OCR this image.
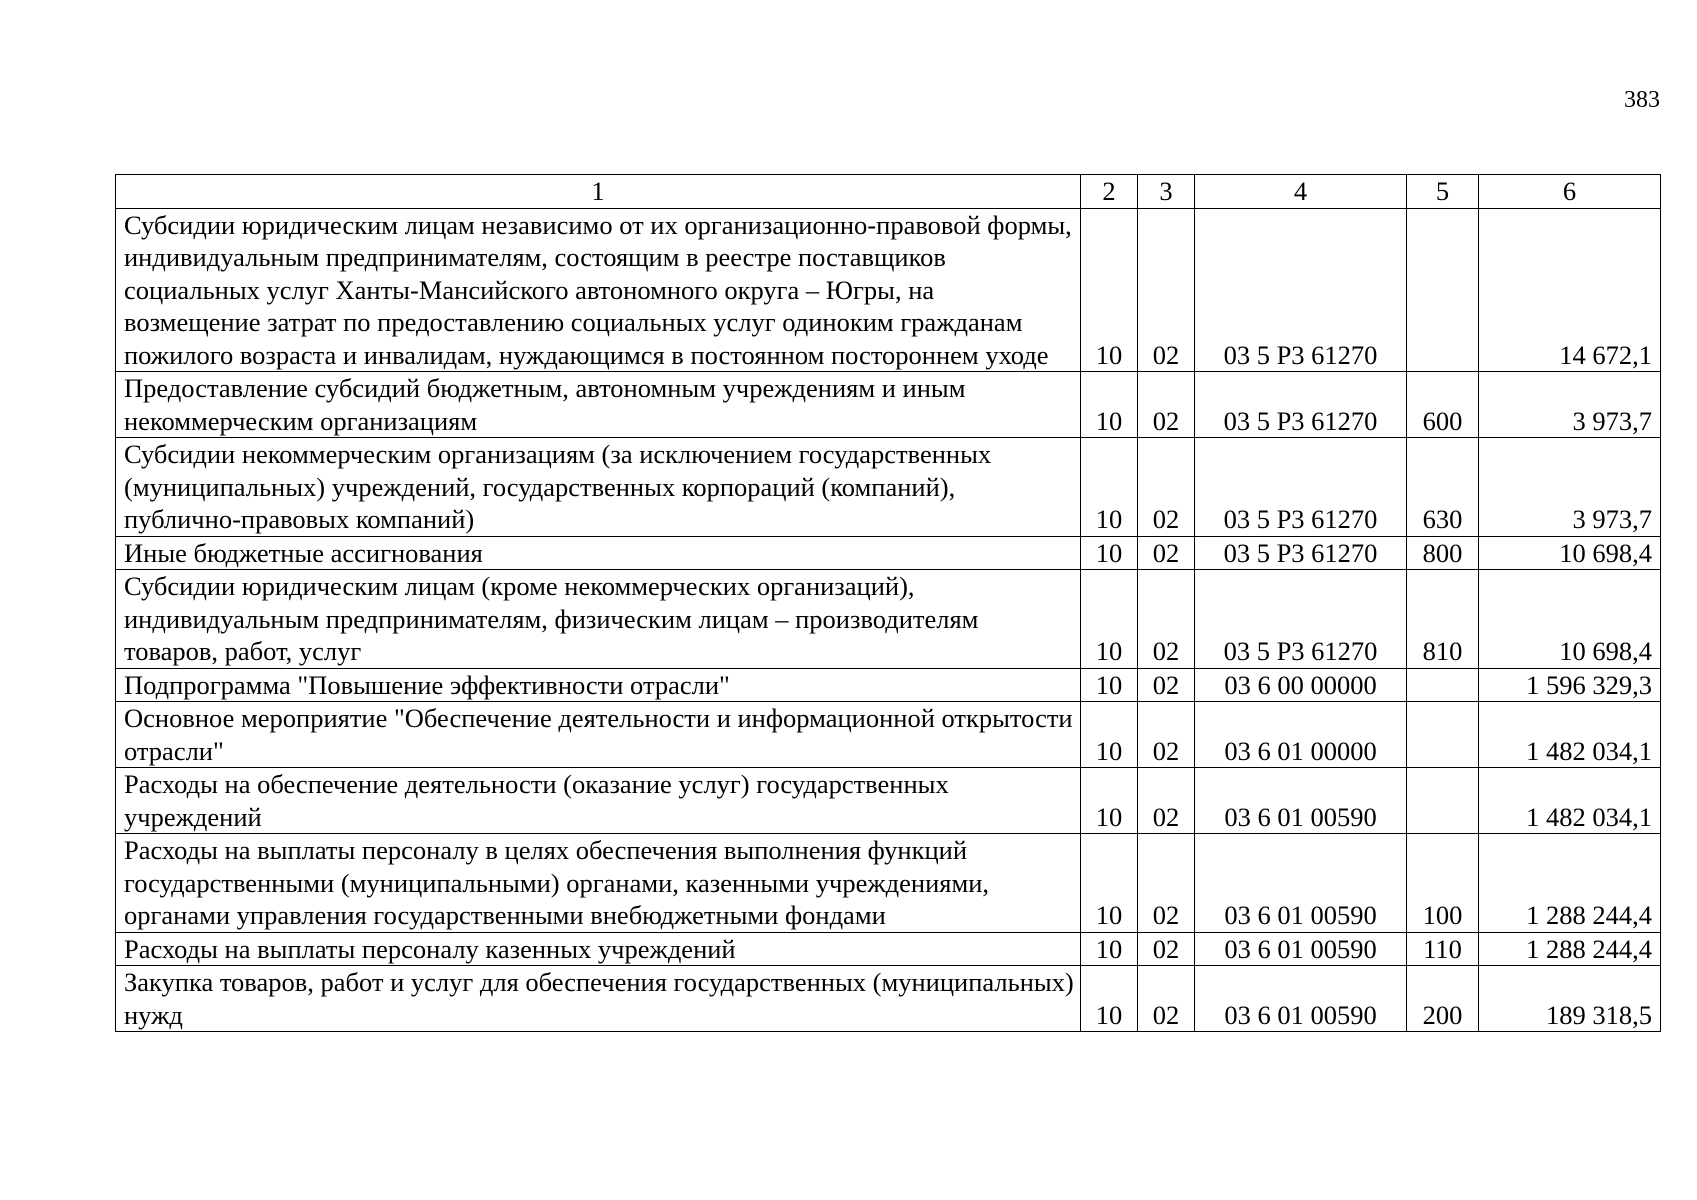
383
1	2	3	4	5	6
Субсидии юридическим лицам независимо от их организационно-правовой формы, индивидуальным предпринимателям, состоящим в реестре поставщиков социальных услуг Ханты-Мансийского автономного округа – Югры, на возмещение затрат по предоставлению социальных услуг одиноким гражданам пожилого возраста и инвалидам, нуждающимся в постоянном постороннем уходе	10	02	03 5 P3 61270		14 672,1
Предоставление субсидий бюджетным, автономным учреждениям и иным некоммерческим организациям	10	02	03 5 P3 61270	600	3 973,7
Субсидии некоммерческим организациям (за исключением государственных (муниципальных) учреждений, государственных корпораций (компаний), публично-правовых компаний)	10	02	03 5 P3 61270	630	3 973,7
Иные бюджетные ассигнования	10	02	03 5 P3 61270	800	10 698,4
Субсидии юридическим лицам (кроме некоммерческих организаций), индивидуальным предпринимателям, физическим лицам – производителям товаров, работ, услуг	10	02	03 5 P3 61270	810	10 698,4
Подпрограмма "Повышение эффективности отрасли"	10	02	03 6 00 00000		1 596 329,3
Основное мероприятие "Обеспечение деятельности и информационной открытости отрасли"	10	02	03 6 01 00000		1 482 034,1
Расходы на обеспечение деятельности (оказание услуг) государственных учреждений	10	02	03 6 01 00590		1 482 034,1
Расходы на выплаты персоналу в целях обеспечения выполнения функций государственными (муниципальными) органами, казенными учреждениями, органами управления государственными внебюджетными фондами	10	02	03 6 01 00590	100	1 288 244,4
Расходы на выплаты персоналу казенных учреждений	10	02	03 6 01 00590	110	1 288 244,4
Закупка товаров, работ и услуг для обеспечения государственных (муниципальных) нужд	10	02	03 6 01 00590	200	189 318,5
